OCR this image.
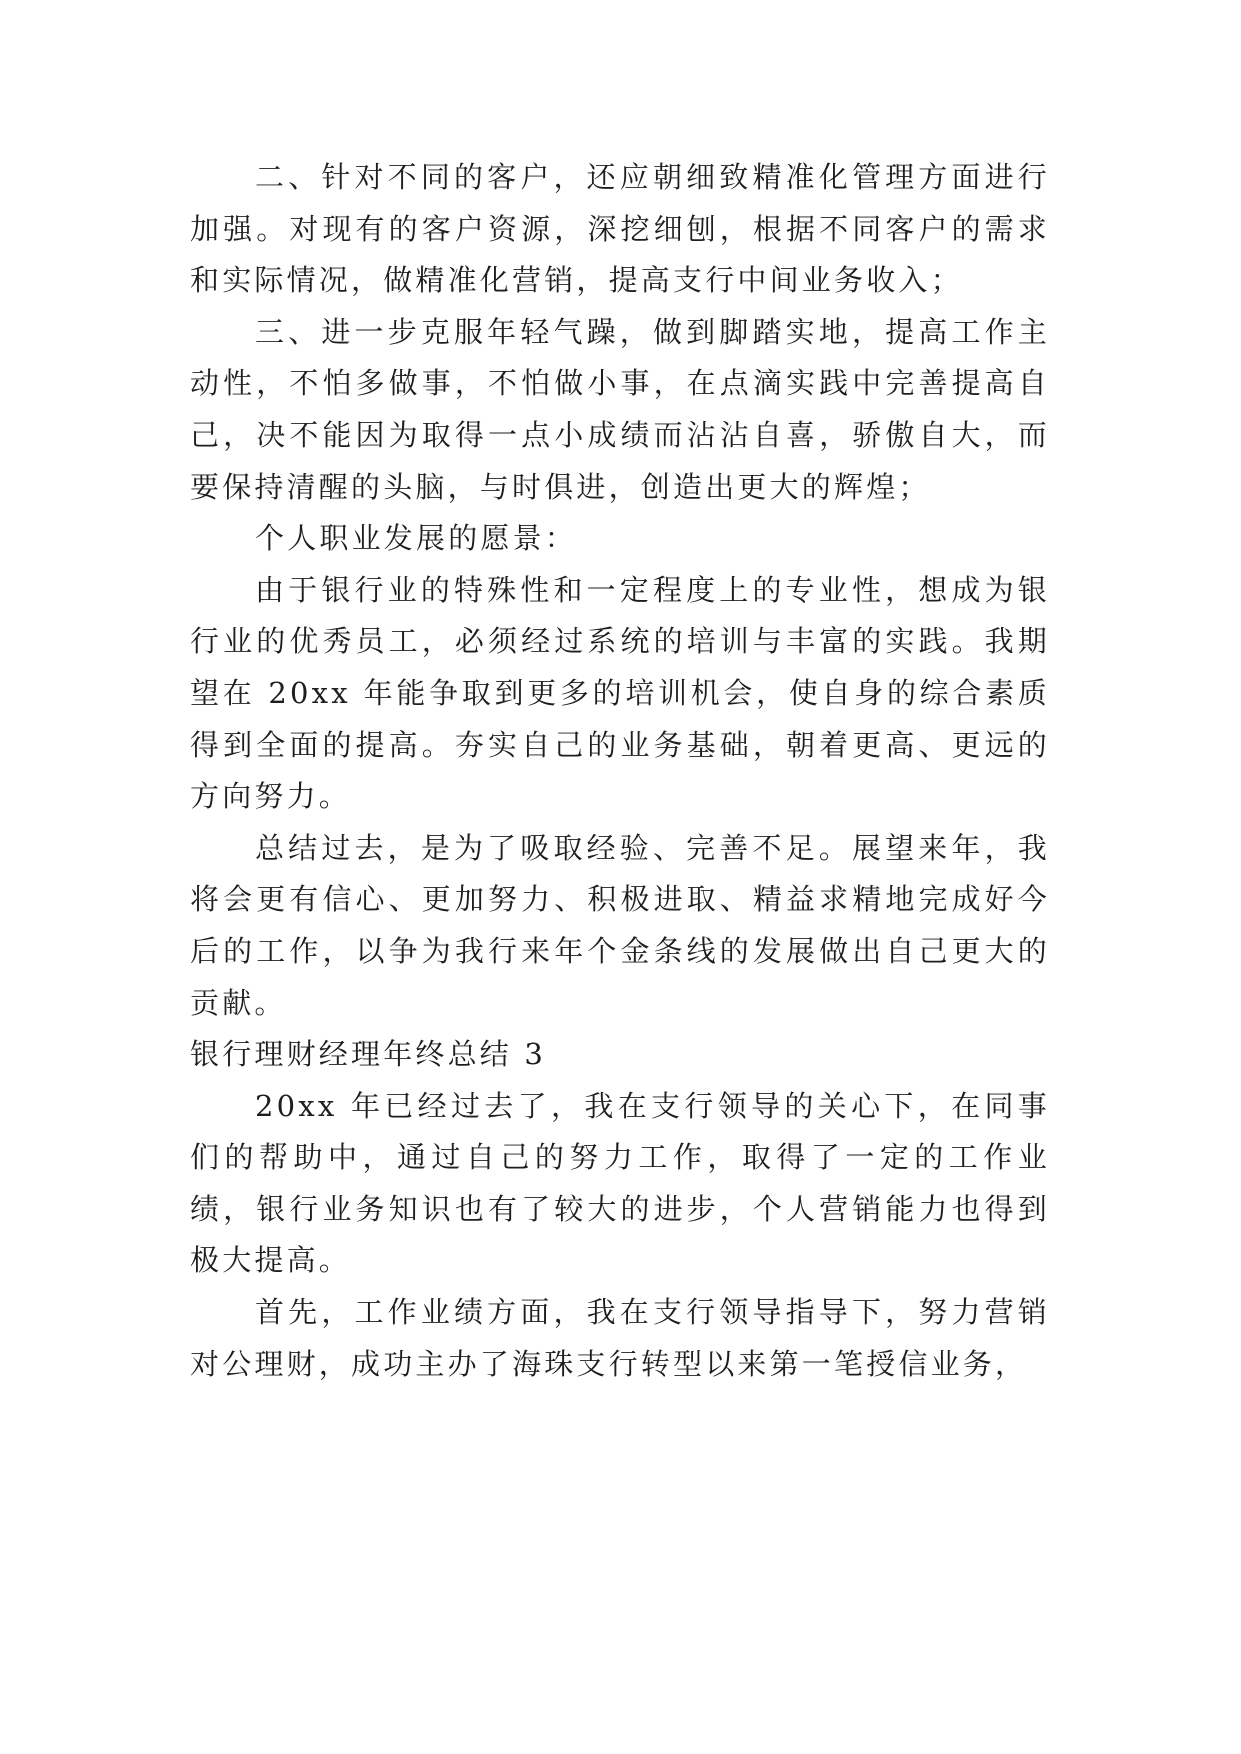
二、针对不同的客户，还应朝细致精准化管理方面进行加强。对现有的客户资源，深挖细刨，根据不同客户的需求和实际情况，做精准化营销，提高支行中间业务收入；

三、进一步克服年轻气躁，做到脚踏实地，提高工作主动性，不怕多做事，不怕做小事，在点滴实践中完善提高自己，决不能因为取得一点小成绩而沾沾自喜，骄傲自大，而要保持清醒的头脑，与时俱进，创造出更大的辉煌；

个人职业发展的愿景：

由于银行业的特殊性和一定程度上的专业性，想成为银行业的优秀员工，必须经过系统的培训与丰富的实践。我期望在 20xx 年能争取到更多的培训机会，使自身的综合素质得到全面的提高。夯实自己的业务基础，朝着更高、更远的方向努力。

总结过去，是为了吸取经验、完善不足。展望来年，我将会更有信心、更加努力、积极进取、精益求精地完成好今后的工作，以争为我行来年个金条线的发展做出自己更大的贡献。

银行理财经理年终总结 3

20xx 年已经过去了，我在支行领导的关心下，在同事们的帮助中，通过自己的努力工作，取得了一定的工作业绩，银行业务知识也有了较大的进步，个人营销能力也得到极大提高。

首先，工作业绩方面，我在支行领导指导下，努力营销对公理财，成功主办了海珠支行转型以来第一笔授信业务，
